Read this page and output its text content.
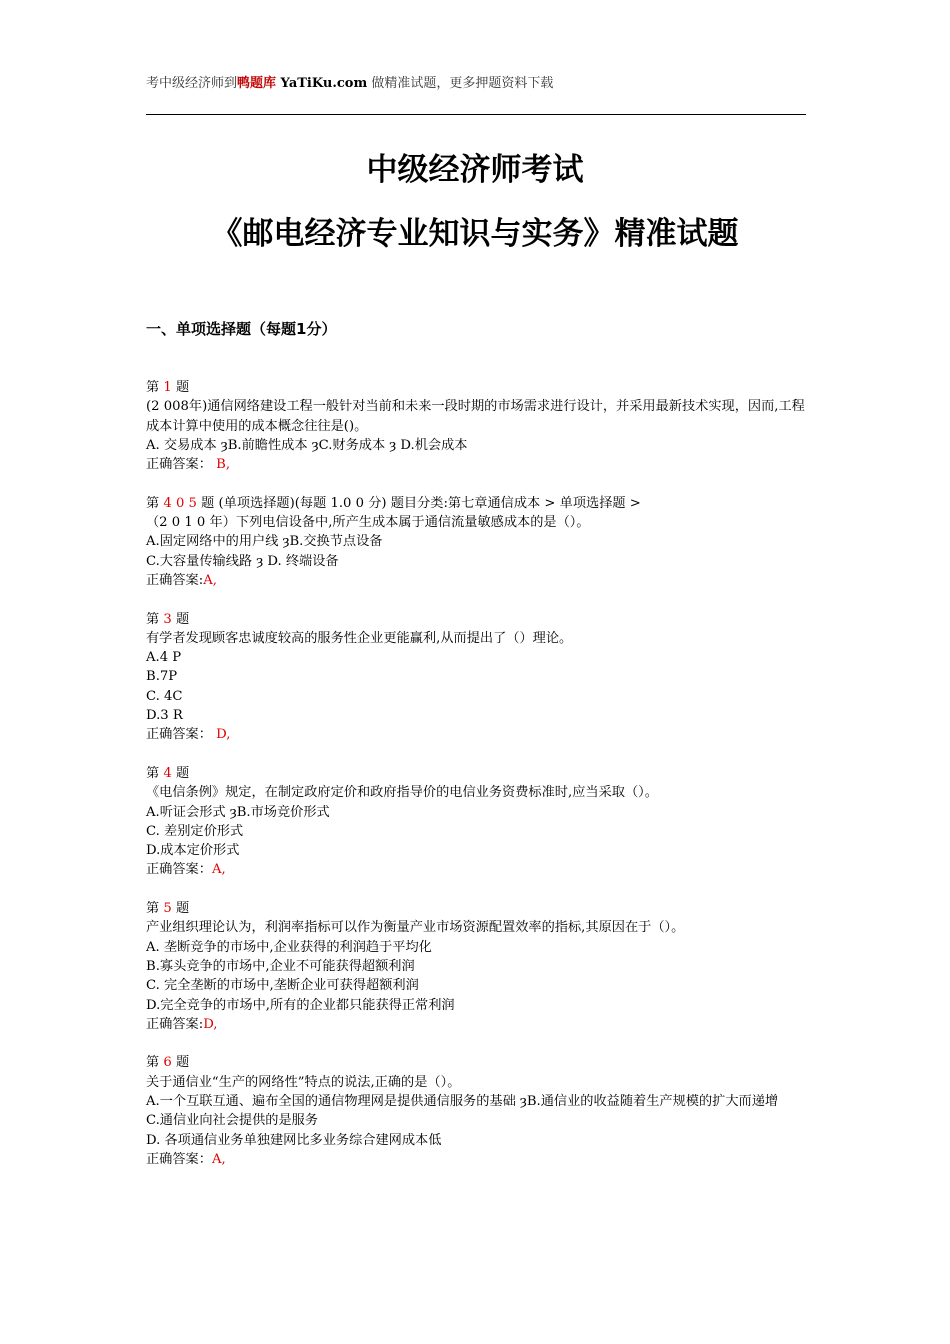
考中级经济师到鸭题库 YaTiKu.com 做精准试题，更多押题资料下载
中级经济师考试
《邮电经济专业知识与实务》精准试题
一、单项选择题（每题1分）
第 1 题
(2 008年)通信网络建设工程一般针对当前和未来一段时期的市场需求进行设计，并采用最新技术实现，因而,工程成本计算中使用的成本概念往往是()。
A. 交易成本 ȝB.前瞻性成本 ȝC.财务成本 ȝ D.机会成本
正确答案： B,
第 4 0 5 题 (单项选择题)(每题 1.0 0 分) 题目分类:第七章通信成本 > 单项选择题 >
（2 0 1 0 年）下列电信设备中,所产生成本属于通信流量敏感成本的是（）。
A.固定网络中的用户线 ȝB.交换节点设备
C.大容量传输线路 ȝ D. 终端设备
正确答案:A,
第 3 题
有学者发现顾客忠诚度较高的服务性企业更能赢利,从而提出了（）理论。
A.4 P
B.7P
C. 4C
D.3 R
正确答案： D,
第 4 题
《电信条例》规定，在制定政府定价和政府指导价的电信业务资费标准时,应当采取（）。
A.听证会形式 ȝB.市场竞价形式
C. 差别定价形式
D.成本定价形式
正确答案：A,
第 5 题
产业组织理论认为，利润率指标可以作为衡量产业市场资源配置效率的指标,其原因在于（）。
A. 垄断竞争的市场中,企业获得的利润趋于平均化
B.寡头竞争的市场中,企业不可能获得超额利润
C. 完全垄断的市场中,垄断企业可获得超额利润
D.完全竞争的市场中,所有的企业都只能获得正常利润
正确答案:D,
第 6 题
关于通信业“生产的网络性”特点的说法,正确的是（）。
A.一个互联互通、遍布全国的通信物理网是提供通信服务的基础 ȝB.通信业的收益随着生产规模的扩大而递增
C.通信业向社会提供的是服务
D. 各项通信业务单独建网比多业务综合建网成本低
正确答案：A,
